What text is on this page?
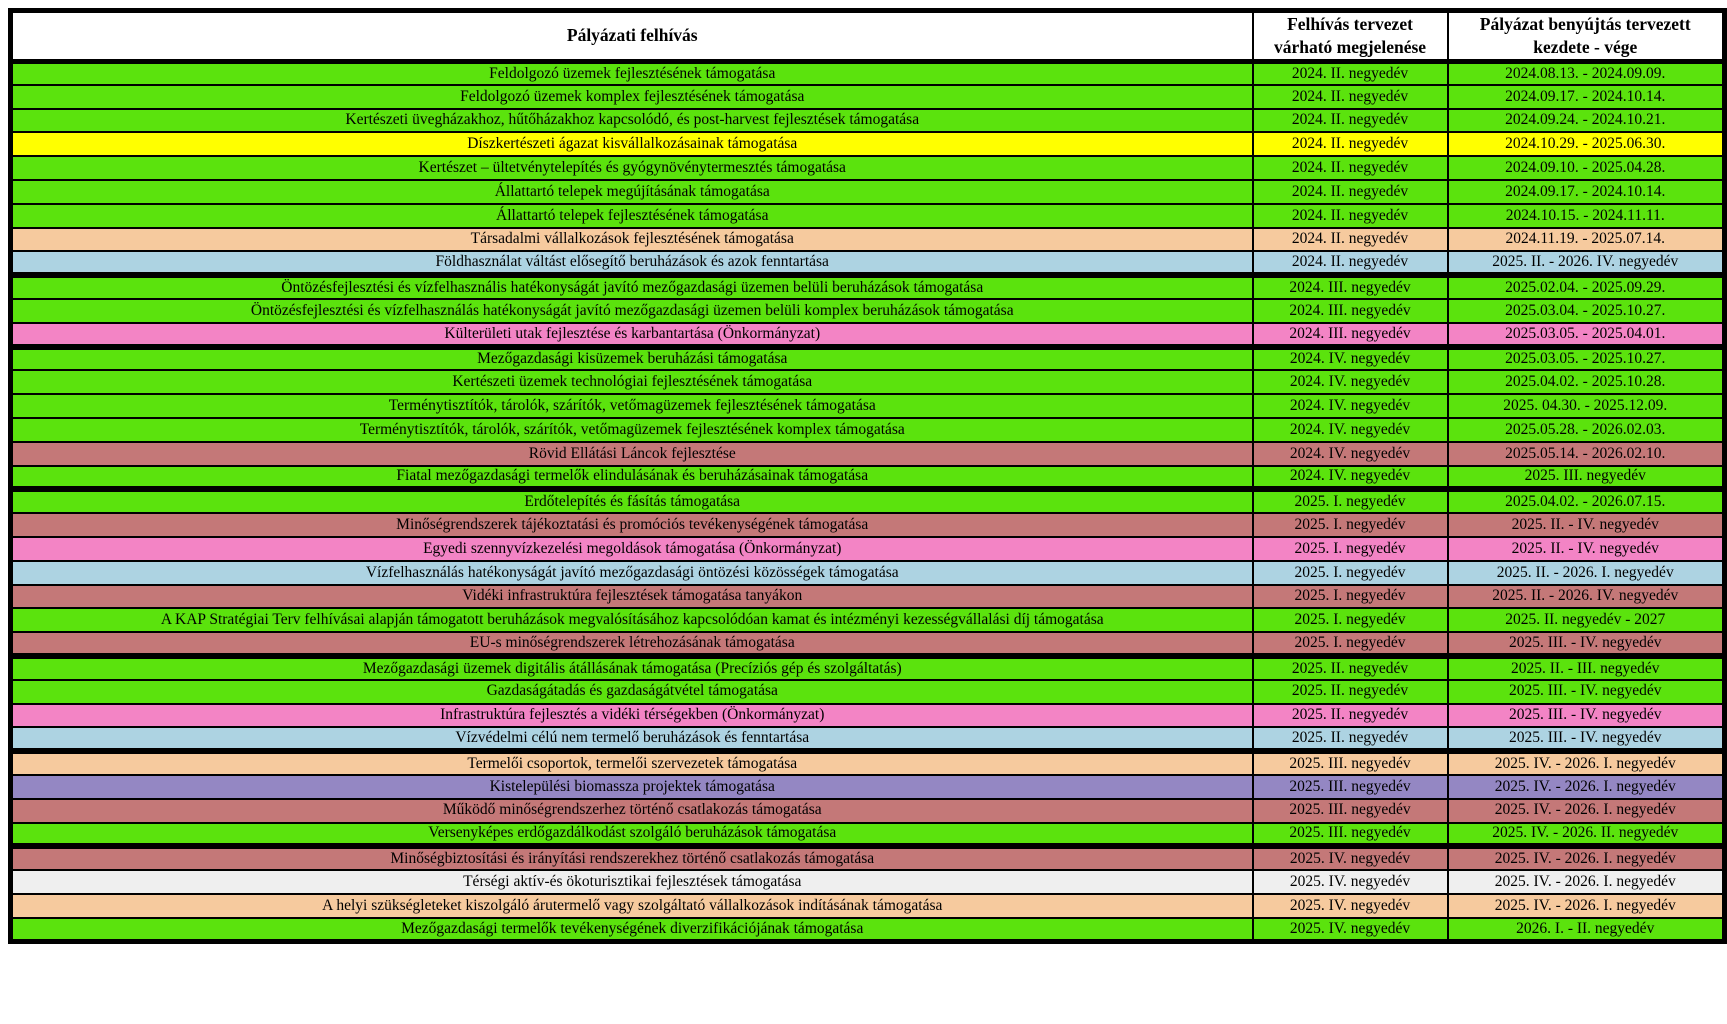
Pályázati felhívás	Felhívás tervezet várható megjelenése	Pályázat benyújtás tervezett kezdete - vége
Feldolgozó üzemek fejlesztésének támogatása	2024. II. negyedév	2024.08.13. - 2024.09.09.
Feldolgozó üzemek komplex fejlesztésének támogatása	2024. II. negyedév	2024.09.17. - 2024.10.14.
Kertészeti üvegházakhoz, hűtőházakhoz kapcsolódó, és post-harvest fejlesztések támogatása	2024. II. negyedév	2024.09.24. - 2024.10.21.
Díszkertészeti ágazat kisvállalkozásainak támogatása	2024. II. negyedév	2024.10.29. - 2025.06.30.
Kertészet – ültetvénytelepítés és gyógynövénytermesztés támogatása	2024. II. negyedév	2024.09.10. - 2025.04.28.
Állattartó telepek megújításának támogatása	2024. II. negyedév	2024.09.17. - 2024.10.14.
Állattartó telepek fejlesztésének támogatása	2024. II. negyedév	2024.10.15. - 2024.11.11.
Társadalmi vállalkozások fejlesztésének támogatása	2024. II. negyedév	2024.11.19. - 2025.07.14.
Földhasználat váltást elősegítő beruházások és azok fenntartása	2024. II. negyedév	2025. II. - 2026. IV. negyedév
Öntözésfejlesztési és vízfelhasznális hatékonyságát javító mezőgazdasági üzemen belüli beruházások támogatása	2024. III. negyedév	2025.02.04. - 2025.09.29.
Öntözésfejlesztési és vízfelhasználás hatékonyságát javító mezőgazdasági üzemen belüli komplex beruházások támogatása	2024. III. negyedév	2025.03.04. - 2025.10.27.
Külterületi utak fejlesztése és karbantartása (Önkormányzat)	2024. III. negyedév	2025.03.05. - 2025.04.01.
Mezőgazdasági kisüzemek beruházási támogatása	2024. IV. negyedév	2025.03.05. - 2025.10.27.
Kertészeti üzemek technológiai fejlesztésének támogatása	2024. IV. negyedév	2025.04.02. - 2025.10.28.
Terménytisztítók, tárolók, szárítók, vetőmagüzemek fejlesztésének támogatása	2024. IV. negyedév	2025. 04.30. - 2025.12.09.
Terménytisztítók, tárolók, szárítók, vetőmagüzemek fejlesztésének komplex támogatása	2024. IV. negyedév	2025.05.28. - 2026.02.03.
Rövid Ellátási Láncok fejlesztése	2024. IV. negyedév	2025.05.14. - 2026.02.10.
Fiatal mezőgazdasági termelők elindulásának és beruházásainak támogatása	2024. IV. negyedév	2025. III. negyedév
Erdőtelepítés és fásítás támogatása	2025. I. negyedév	2025.04.02. - 2026.07.15.
Minőségrendszerek tájékoztatási és promóciós tevékenységének támogatása	2025. I. negyedév	2025. II. - IV. negyedév
Egyedi szennyvízkezelési megoldások támogatása (Önkormányzat)	2025. I. negyedév	2025. II. - IV. negyedév
Vízfelhasználás hatékonyságát javító mezőgazdasági öntözési közösségek támogatása	2025. I. negyedév	2025. II. - 2026. I. negyedév
Vidéki infrastruktúra fejlesztések támogatása tanyákon	2025. I. negyedév	2025. II. - 2026. IV. negyedév
A KAP Stratégiai Terv felhívásai alapján támogatott beruházások megvalósításához kapcsolódóan kamat és intézményi kezességvállalási díj támogatása	2025. I. negyedév	2025. II. negyedév - 2027
EU-s minőségrendszerek létrehozásának támogatása	2025. I. negyedév	2025. III. - IV. negyedév
Mezőgazdasági üzemek digitális átállásának támogatása (Precíziós gép és szolgáltatás)	2025. II. negyedév	2025. II. - III. negyedév
Gazdaságátadás és gazdaságátvétel támogatása	2025. II. negyedév	2025. III. - IV. negyedév
Infrastruktúra fejlesztés a vidéki térségekben (Önkormányzat)	2025. II. negyedév	2025. III. - IV. negyedév
Vízvédelmi célú nem termelő beruházások és fenntartása	2025. II. negyedév	2025. III. - IV. negyedév
Termelői csoportok, termelői szervezetek támogatása	2025. III. negyedév	2025. IV. - 2026. I. negyedév
Kistelepülési biomassza projektek támogatása	2025. III. negyedév	2025. IV. - 2026. I. negyedév
Működő minőségrendszerhez történő csatlakozás támogatása	2025. III. negyedév	2025. IV. - 2026. I. negyedév
Versenyképes erdőgazdálkodást szolgáló beruházások támogatása	2025. III. negyedév	2025. IV. - 2026. II. negyedév
Minőségbiztosítási és irányítási rendszerekhez történő csatlakozás támogatása	2025. IV. negyedév	2025. IV. - 2026. I. negyedév
Térségi aktív-és ökoturisztikai fejlesztések támogatása	2025. IV. negyedév	2025. IV. - 2026. I. negyedév
A helyi szükségleteket kiszolgáló árutermelő vagy szolgáltató vállalkozások indításának támogatása	2025. IV. negyedév	2025. IV. - 2026. I. negyedév
Mezőgazdasági termelők tevékenységének diverzifikációjának támogatása	2025. IV. negyedév	2026. I. - II. negyedév
